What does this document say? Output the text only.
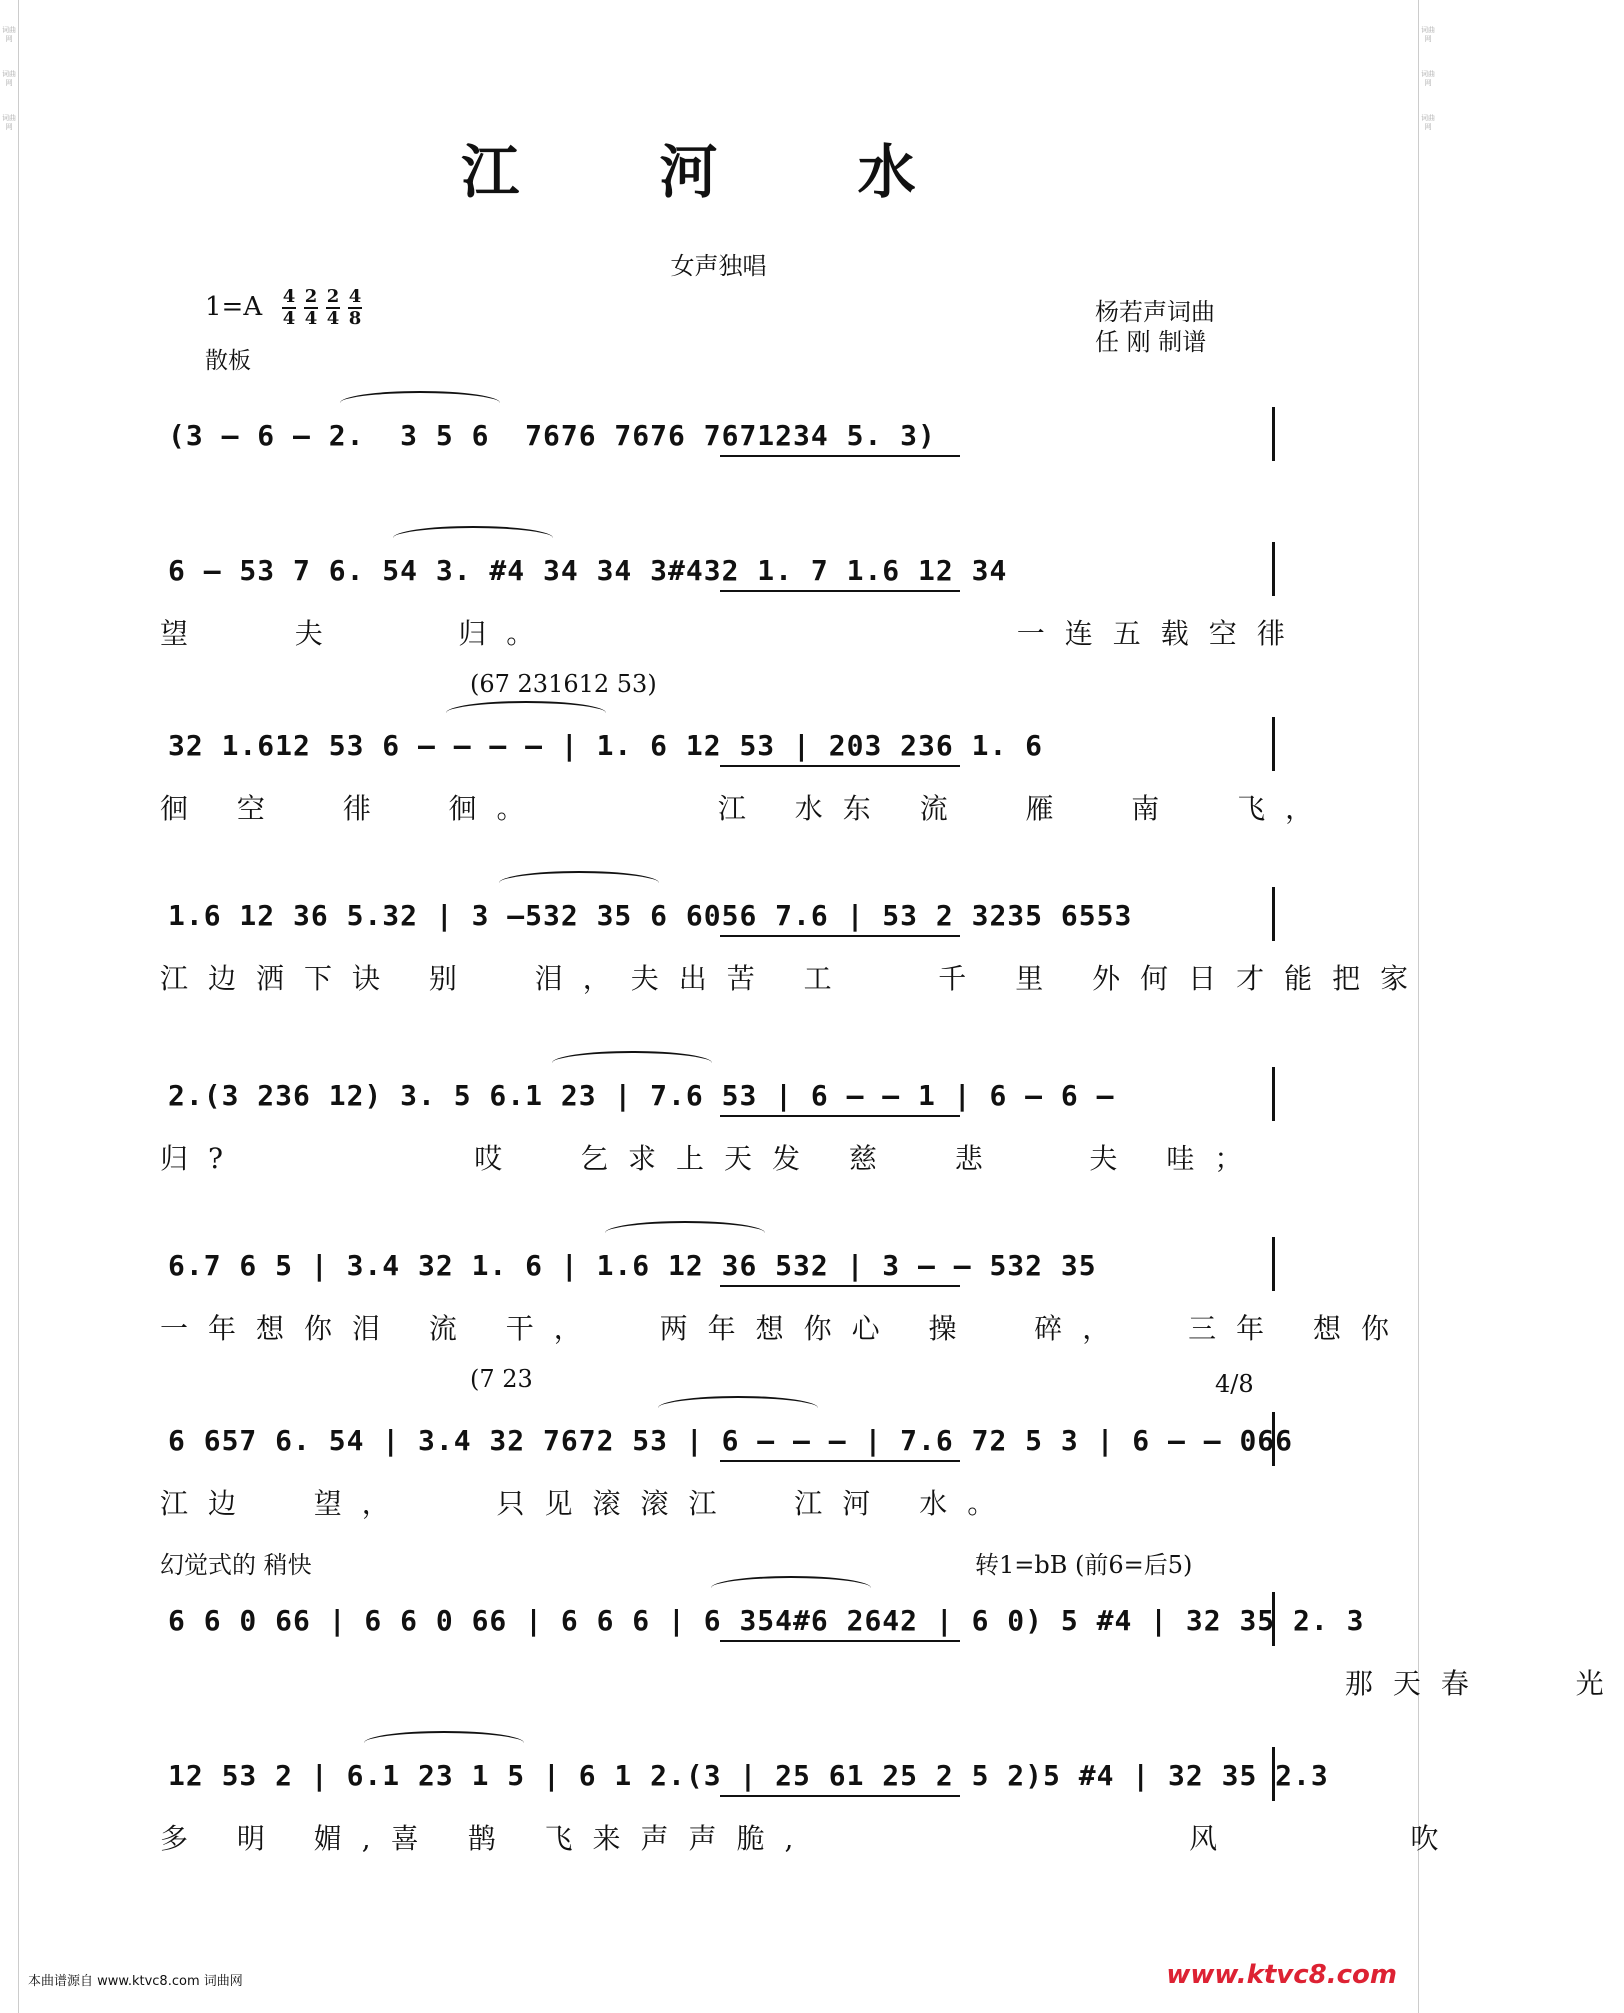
词曲网
词曲网
词曲网
词曲网
词曲网
词曲网
江 河 水
女声独唱
$1=A \frac{4}{4} \frac{2}{4} \frac{2}{4} \frac{4}{8}$	杨若声词曲
任 刚 制谱
散板
(3 – 6 – 2.  3 5 6  7676 7676 7671234 5. 3)
6 – 53 7 6. 54 3. #4 34 34 3#432 1. 7 1.6 12 34
望   夫    归。                一连五载空徘
(67 231612 53)
32 1.612 53 6 – – – – | 1. 6 12 53 | 203 236 1. 6
徊 空  徘  徊。      江 水东 流  雁  南  飞，
1.6 12 36 5.32 | 3 –532 35 6 6056 7.6 | 53 2 3235 6553
江边洒下诀 别  泪，夫出苦 工   千 里 外何日才能把家
2.(3 236 12) 3. 5 6.1 23 | 7.6 53 | 6 – – 1 | 6 – 6 –
归?        哎  乞求上天发 慈  悲   夫 哇；
6.7 6 5 | 3.4 32 1. 6 | 1.6 12 36 532 | 3 – – 532 35
一年想你泪 流 干，  两年想你心 操  碎，  三年 想你
(7 23	4/8
6 657 6. 54 | 3.4 32 7672 53 | 6 – – – | 7.6 72 5 3 | 6 – – 066
江边  望，   只见滚滚江  江河 水。
幻觉式的 稍快	转1=bB (前6=后5)
6 6 0 66 | 6 6 0 66 | 6 6 6 | 6 354#6 2642 | 6 0) 5 #4 | 32 35 2. 3
那天春   光
12 53 2 | 6.1 23 1 5 | 6 1 2.(3 | 25 61 25 2 5 2)5 #4 | 32 35 2.3
多 明 媚,喜 鹊 飞来声声脆,             风      吹
本曲谱源自 www.ktvc8.com 词曲网	www.ktvc8.com
